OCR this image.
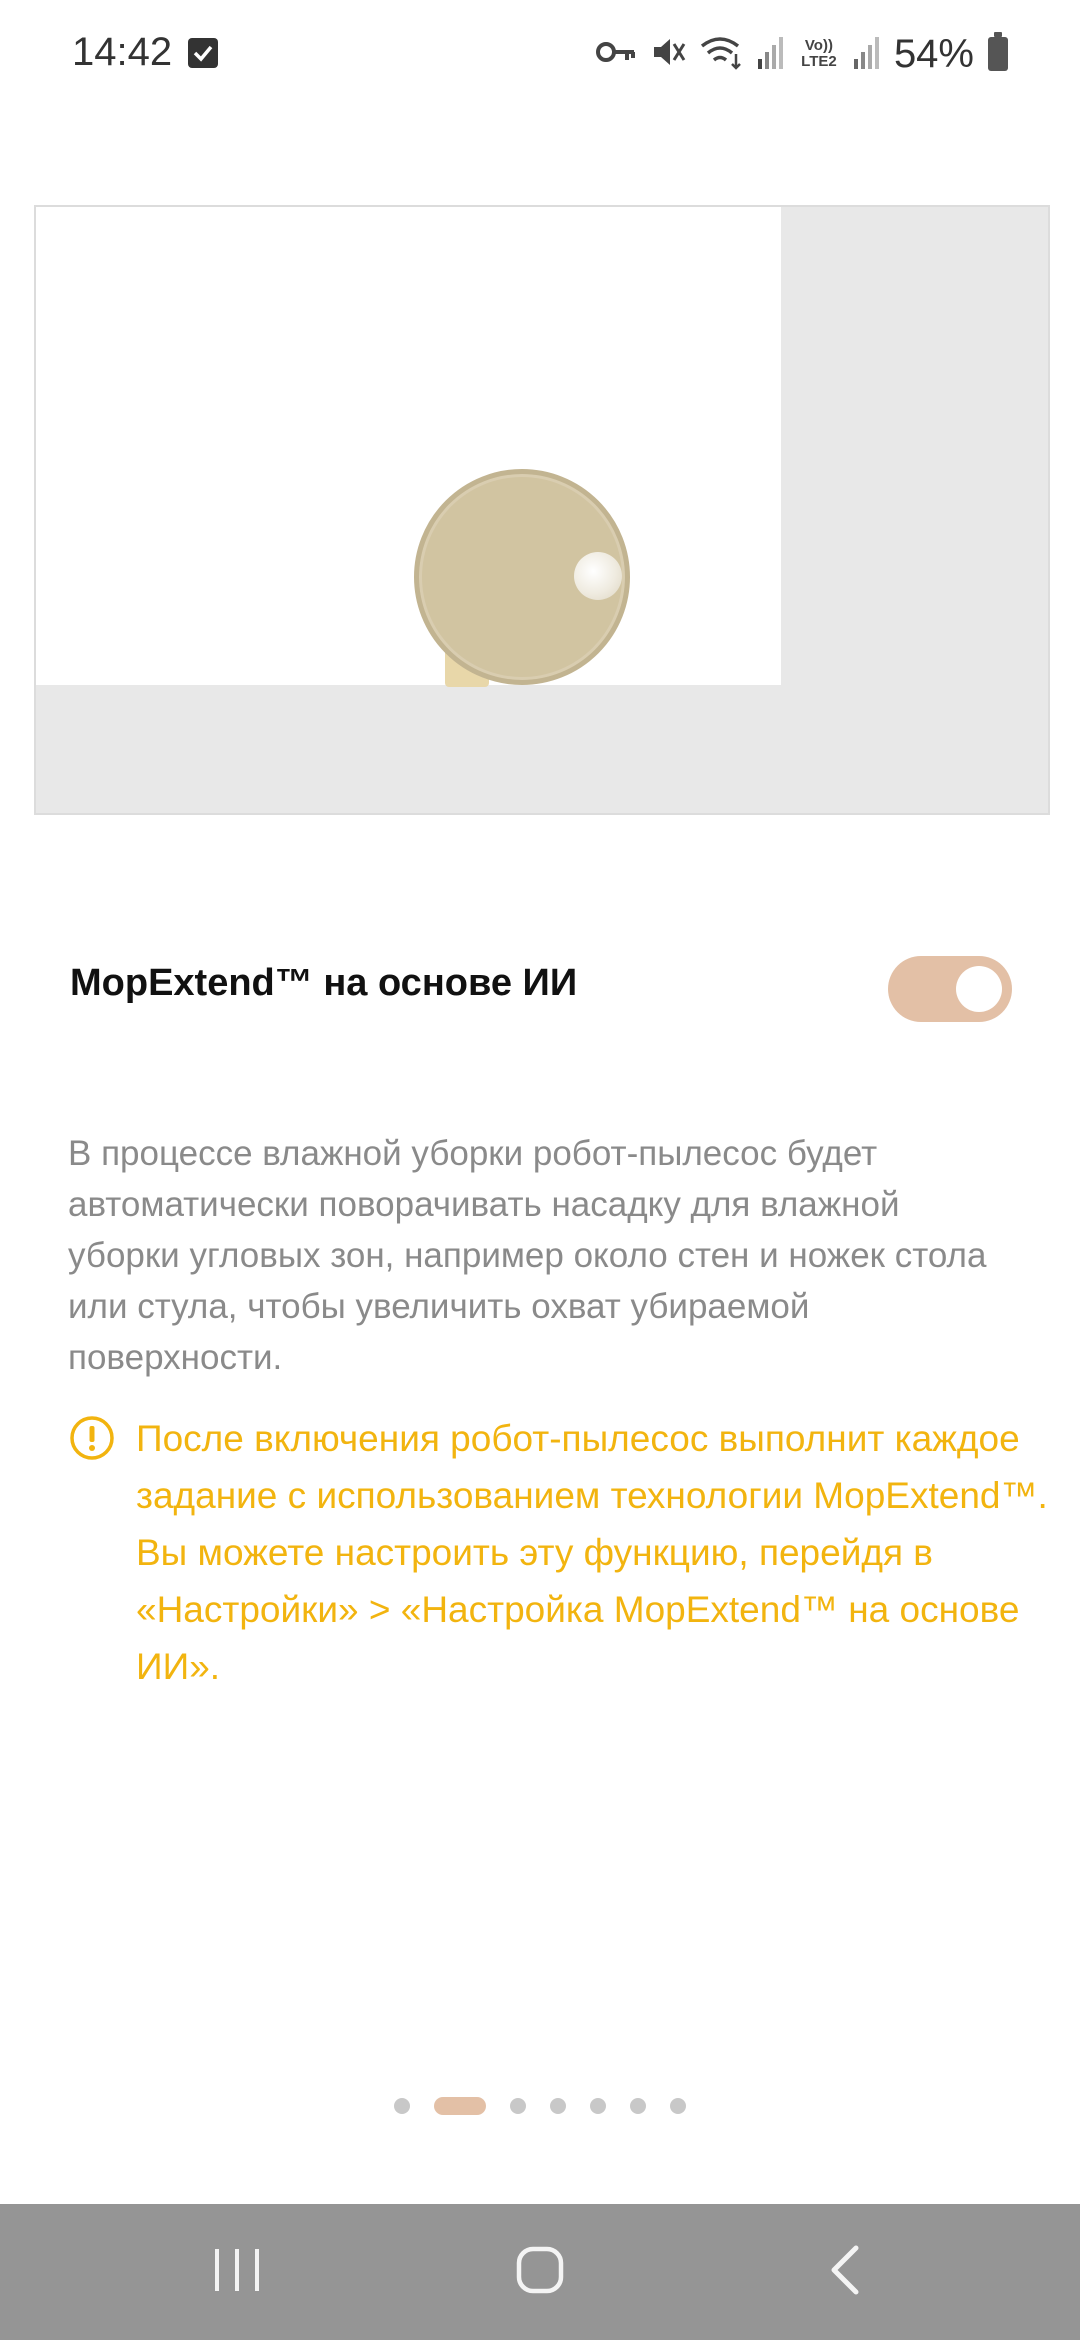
14:42	Vo)) LTE2 54%
MopExtend™ на основе ИИ
В процессе влажной уборки робот-пылесос будет автоматически поворачивать насадку для влажной уборки угловых зон, например около стен и ножек стола или стула, чтобы увеличить охват убираемой поверхности.
После включения робот-пылесос выполнит каждое задание с использованием технологии MopExtend™. Вы можете настроить эту функцию, перейдя в «Настройки» > «Настройка MopExtend™ на основе ИИ».
